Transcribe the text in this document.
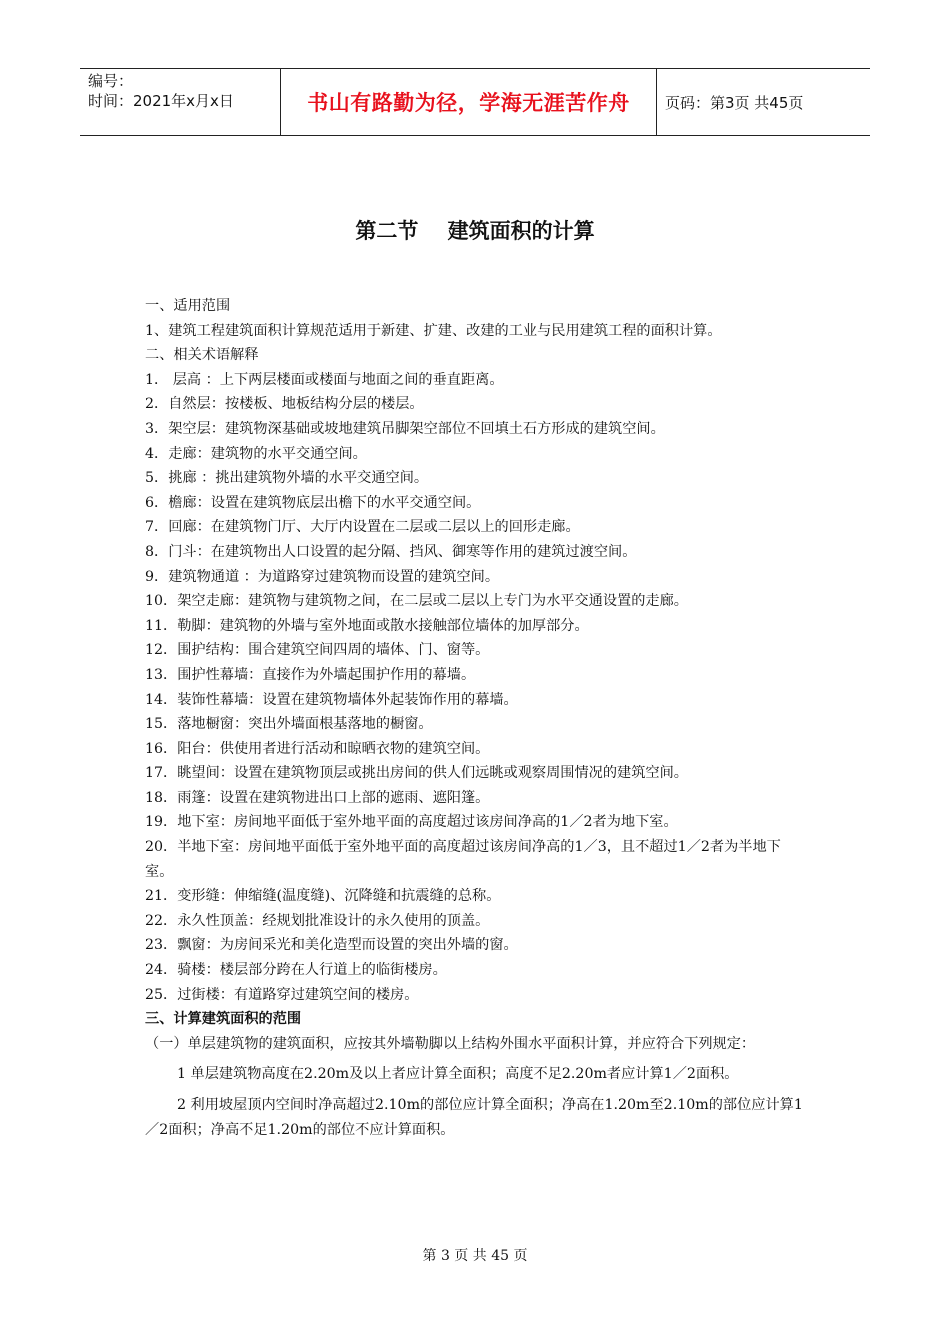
编号：
时间：2021年x月x日	书山有路勤为径，学海无涯苦作舟 页码：第3页 共45页
第二节 建筑面积的计算

一、适用范围

1、建筑工程建筑面积计算规范适用于新建、扩建、改建的工业与民用建筑工程的面积计算。

二、相关术语解释

1． 层高 ：上下两层楼面或楼面与地面之间的垂直距离。

2．自然层：按楼板、地板结构分层的楼层。

3．架空层：建筑物深基础或坡地建筑吊脚架空部位不回填土石方形成的建筑空间。

4．走廊：建筑物的水平交通空间。

5．挑廊 ：挑出建筑物外墙的水平交通空间。

6．檐廊：设置在建筑物底层出檐下的水平交通空间。

7．回廊：在建筑物门厅、大厅内设置在二层或二层以上的回形走廊。

8．门斗：在建筑物出人口设置的起分隔、挡风、御寒等作用的建筑过渡空间。

9．建筑物通道 ：为道路穿过建筑物而设置的建筑空间。

10．架空走廊：建筑物与建筑物之间，在二层或二层以上专门为水平交通设置的走廊。

11．勒脚：建筑物的外墙与室外地面或散水接触部位墙体的加厚部分。

12．围护结构：围合建筑空间四周的墙体、门、窗等。

13．围护性幕墙：直接作为外墙起围护作用的幕墙。

14．装饰性幕墙：设置在建筑物墙体外起装饰作用的幕墙。

15．落地橱窗：突出外墙面根基落地的橱窗。

16．阳台：供使用者进行活动和晾晒衣物的建筑空间。

17．眺望间：设置在建筑物顶层或挑出房间的供人们远眺或观察周围情况的建筑空间。

18．雨篷：设置在建筑物进出口上部的遮雨、遮阳篷。

19．地下室：房间地平面低于室外地平面的高度超过该房间净高的1／2者为地下室。

20．半地下室：房间地平面低于室外地平面的高度超过该房间净高的1／3，且不超过1／2者为半地下室。

21．变形缝：伸缩缝(温度缝)、沉降缝和抗震缝的总称。

22．永久性顶盖：经规划批准设计的永久使用的顶盖。

23．飘窗：为房间采光和美化造型而设置的突出外墙的窗。

24．骑楼：楼层部分跨在人行道上的临街楼房。

25．过街楼：有道路穿过建筑空间的楼房。

三、计算建筑面积的范围

（一）单层建筑物的建筑面积，应按其外墙勒脚以上结构外围水平面积计算，并应符合下列规定：

1 单层建筑物高度在2.20m及以上者应计算全面积；高度不足2.20m者应计算1／2面积。

2 利用坡屋顶内空间时净高超过2.10m的部位应计算全面积；净高在1.20m至2.10m的部位应计算1／2面积；净高不足1.20m的部位不应计算面积。

第 3 页 共 45 页
